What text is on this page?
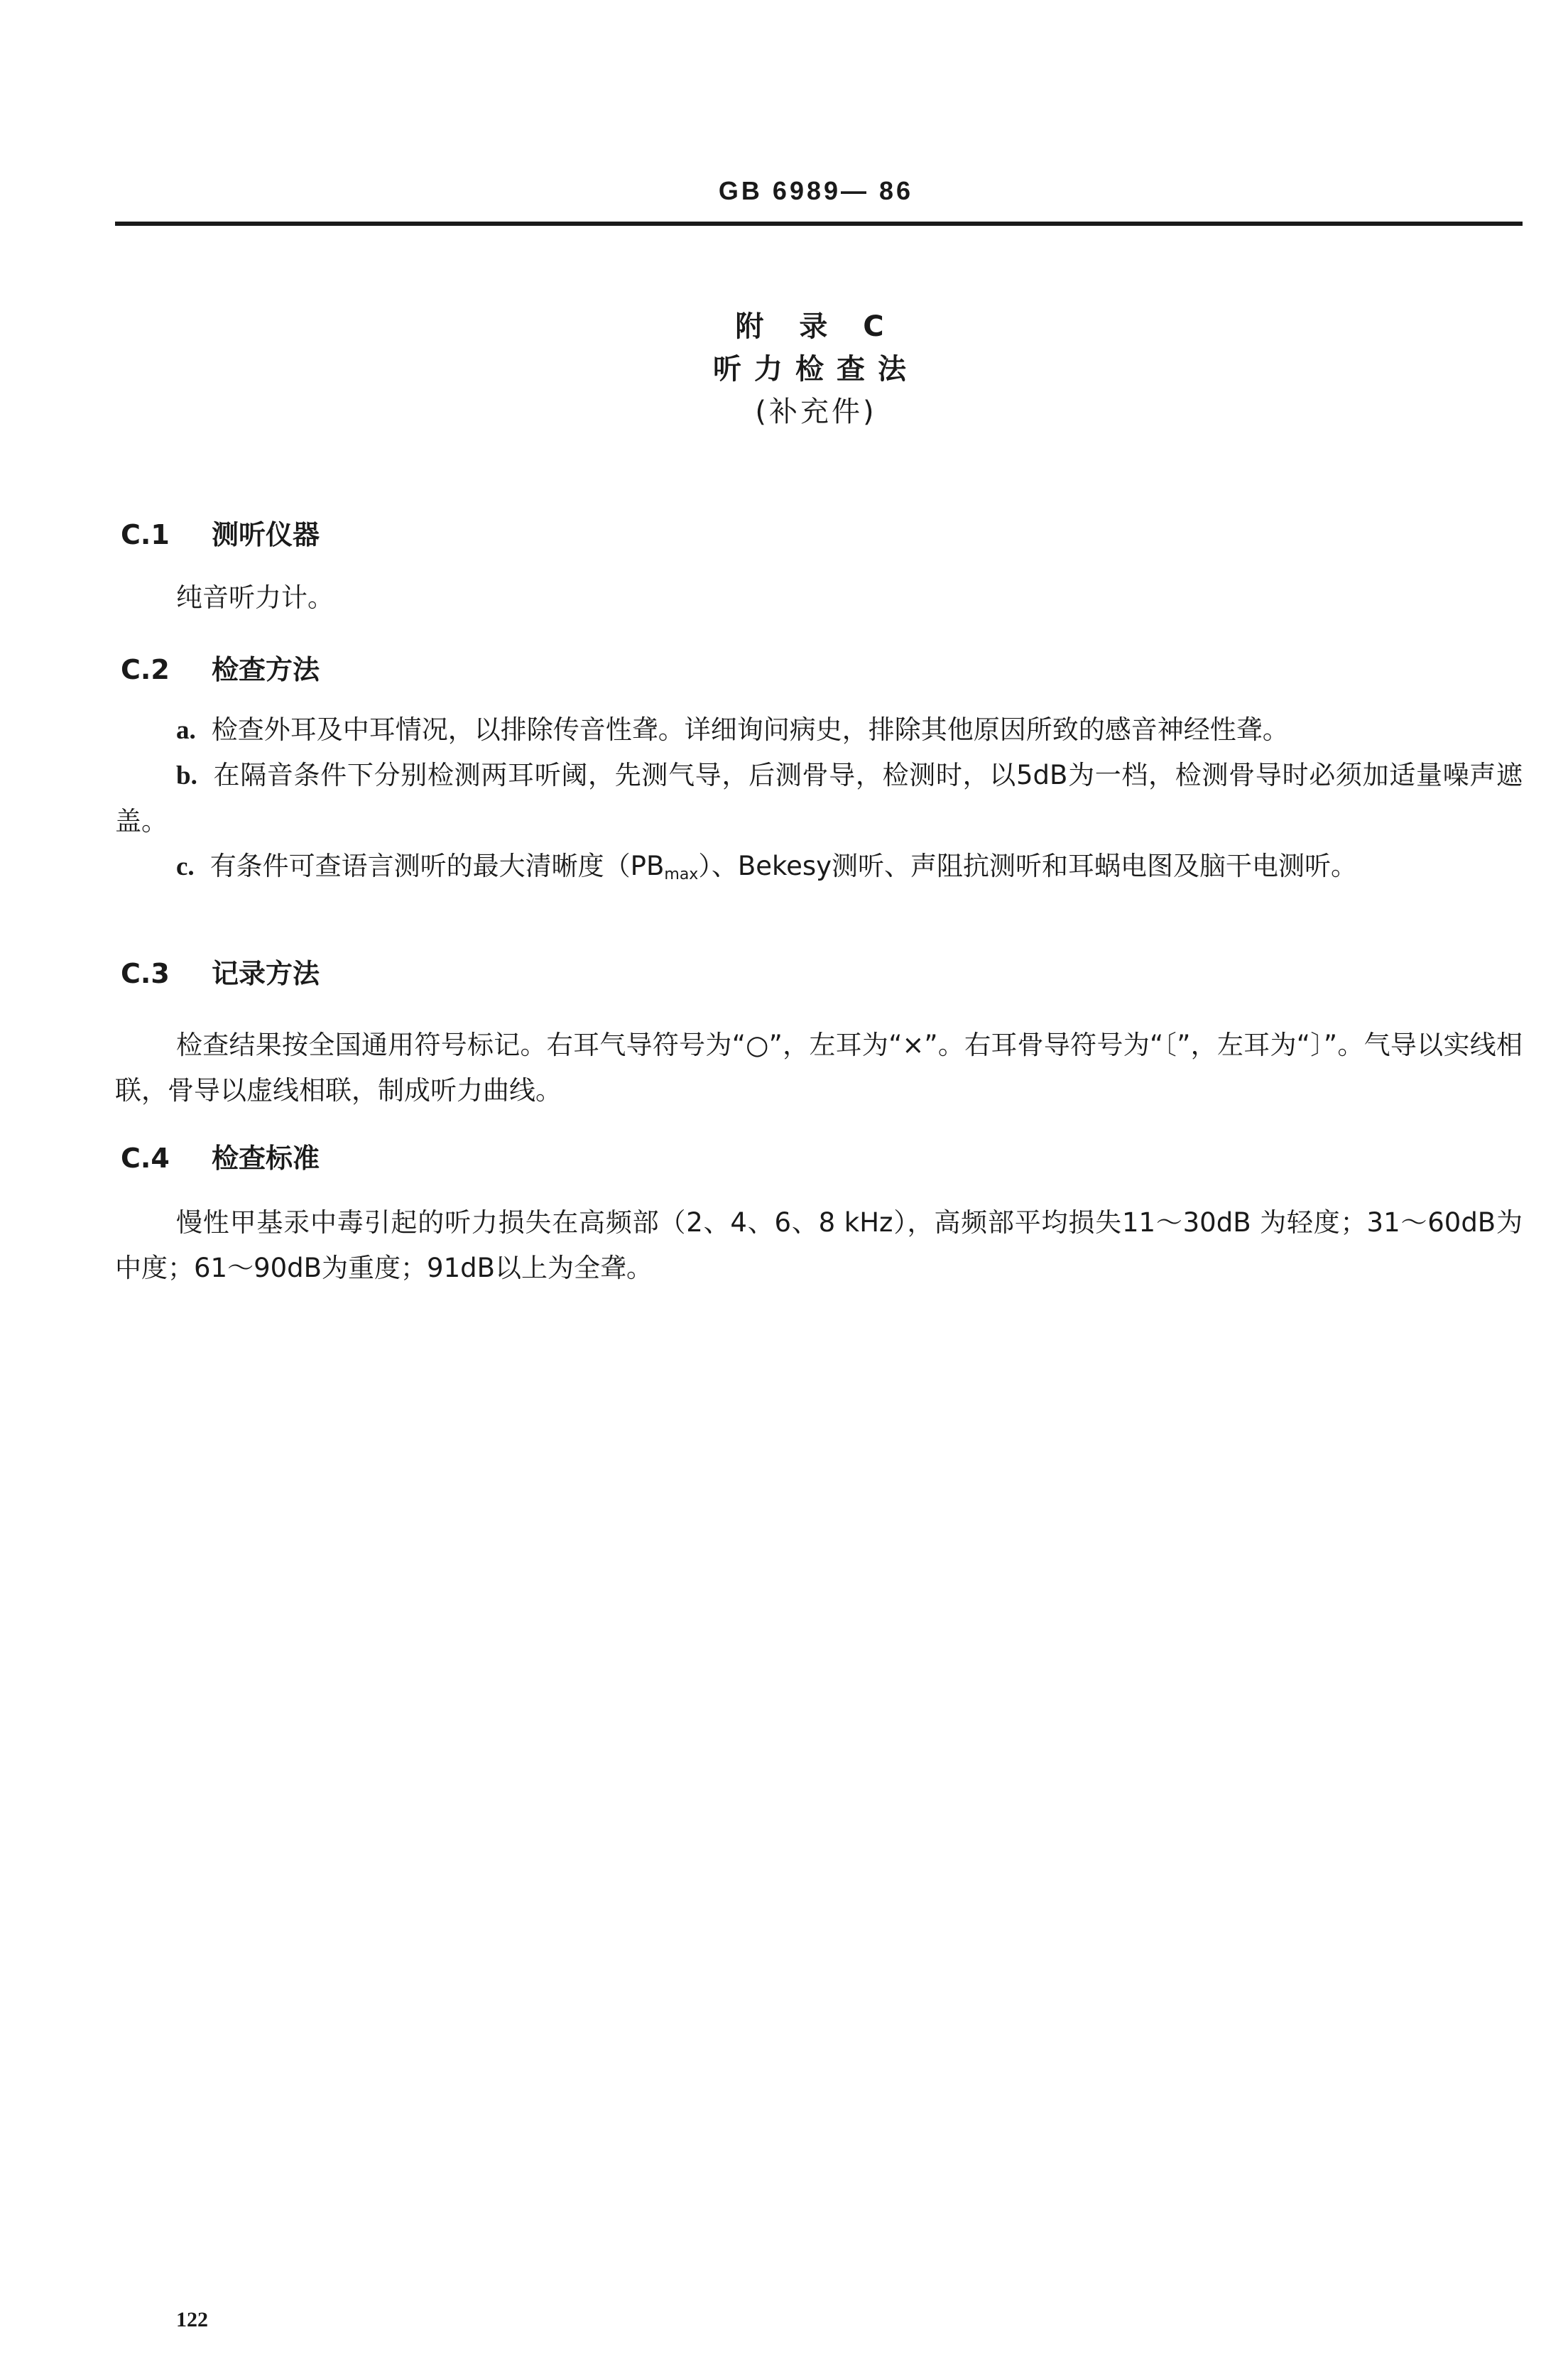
GB 6989— 86

附 录 C

听力检查法

(补充件)

C.1 测听仪器

纯音听力计。

C.2 检查方法

a. 检查外耳及中耳情况，以排除传音性聋。详细询问病史，排除其他原因所致的感音神经性聋。

b. 在隔音条件下分别检测两耳听阈，先测气导，后测骨导，检测时，以5dB为一档，检测骨导时必须加适量噪声遮盖。

c. 有条件可查语言测听的最大清晰度$(PB_{max})$、Bekesy测听、声阻抗测听和耳蜗电图及脑干电测听。

C.3 记录方法

检查结果按全国通用符号标记。右耳气导符号为“○”，左耳为“×”。右耳骨导符号为“〔”，左耳为“〕”。气导以实线相联，骨导以虚线相联，制成听力曲线。

C.4 检查标准

慢性甲基汞中毒引起的听力损失在高频部（2、4、6、8 kHz），高频部平均损失11～30dB 为轻度；31～60dB为中度；61～90dB为重度；91dB以上为全聋。

122
